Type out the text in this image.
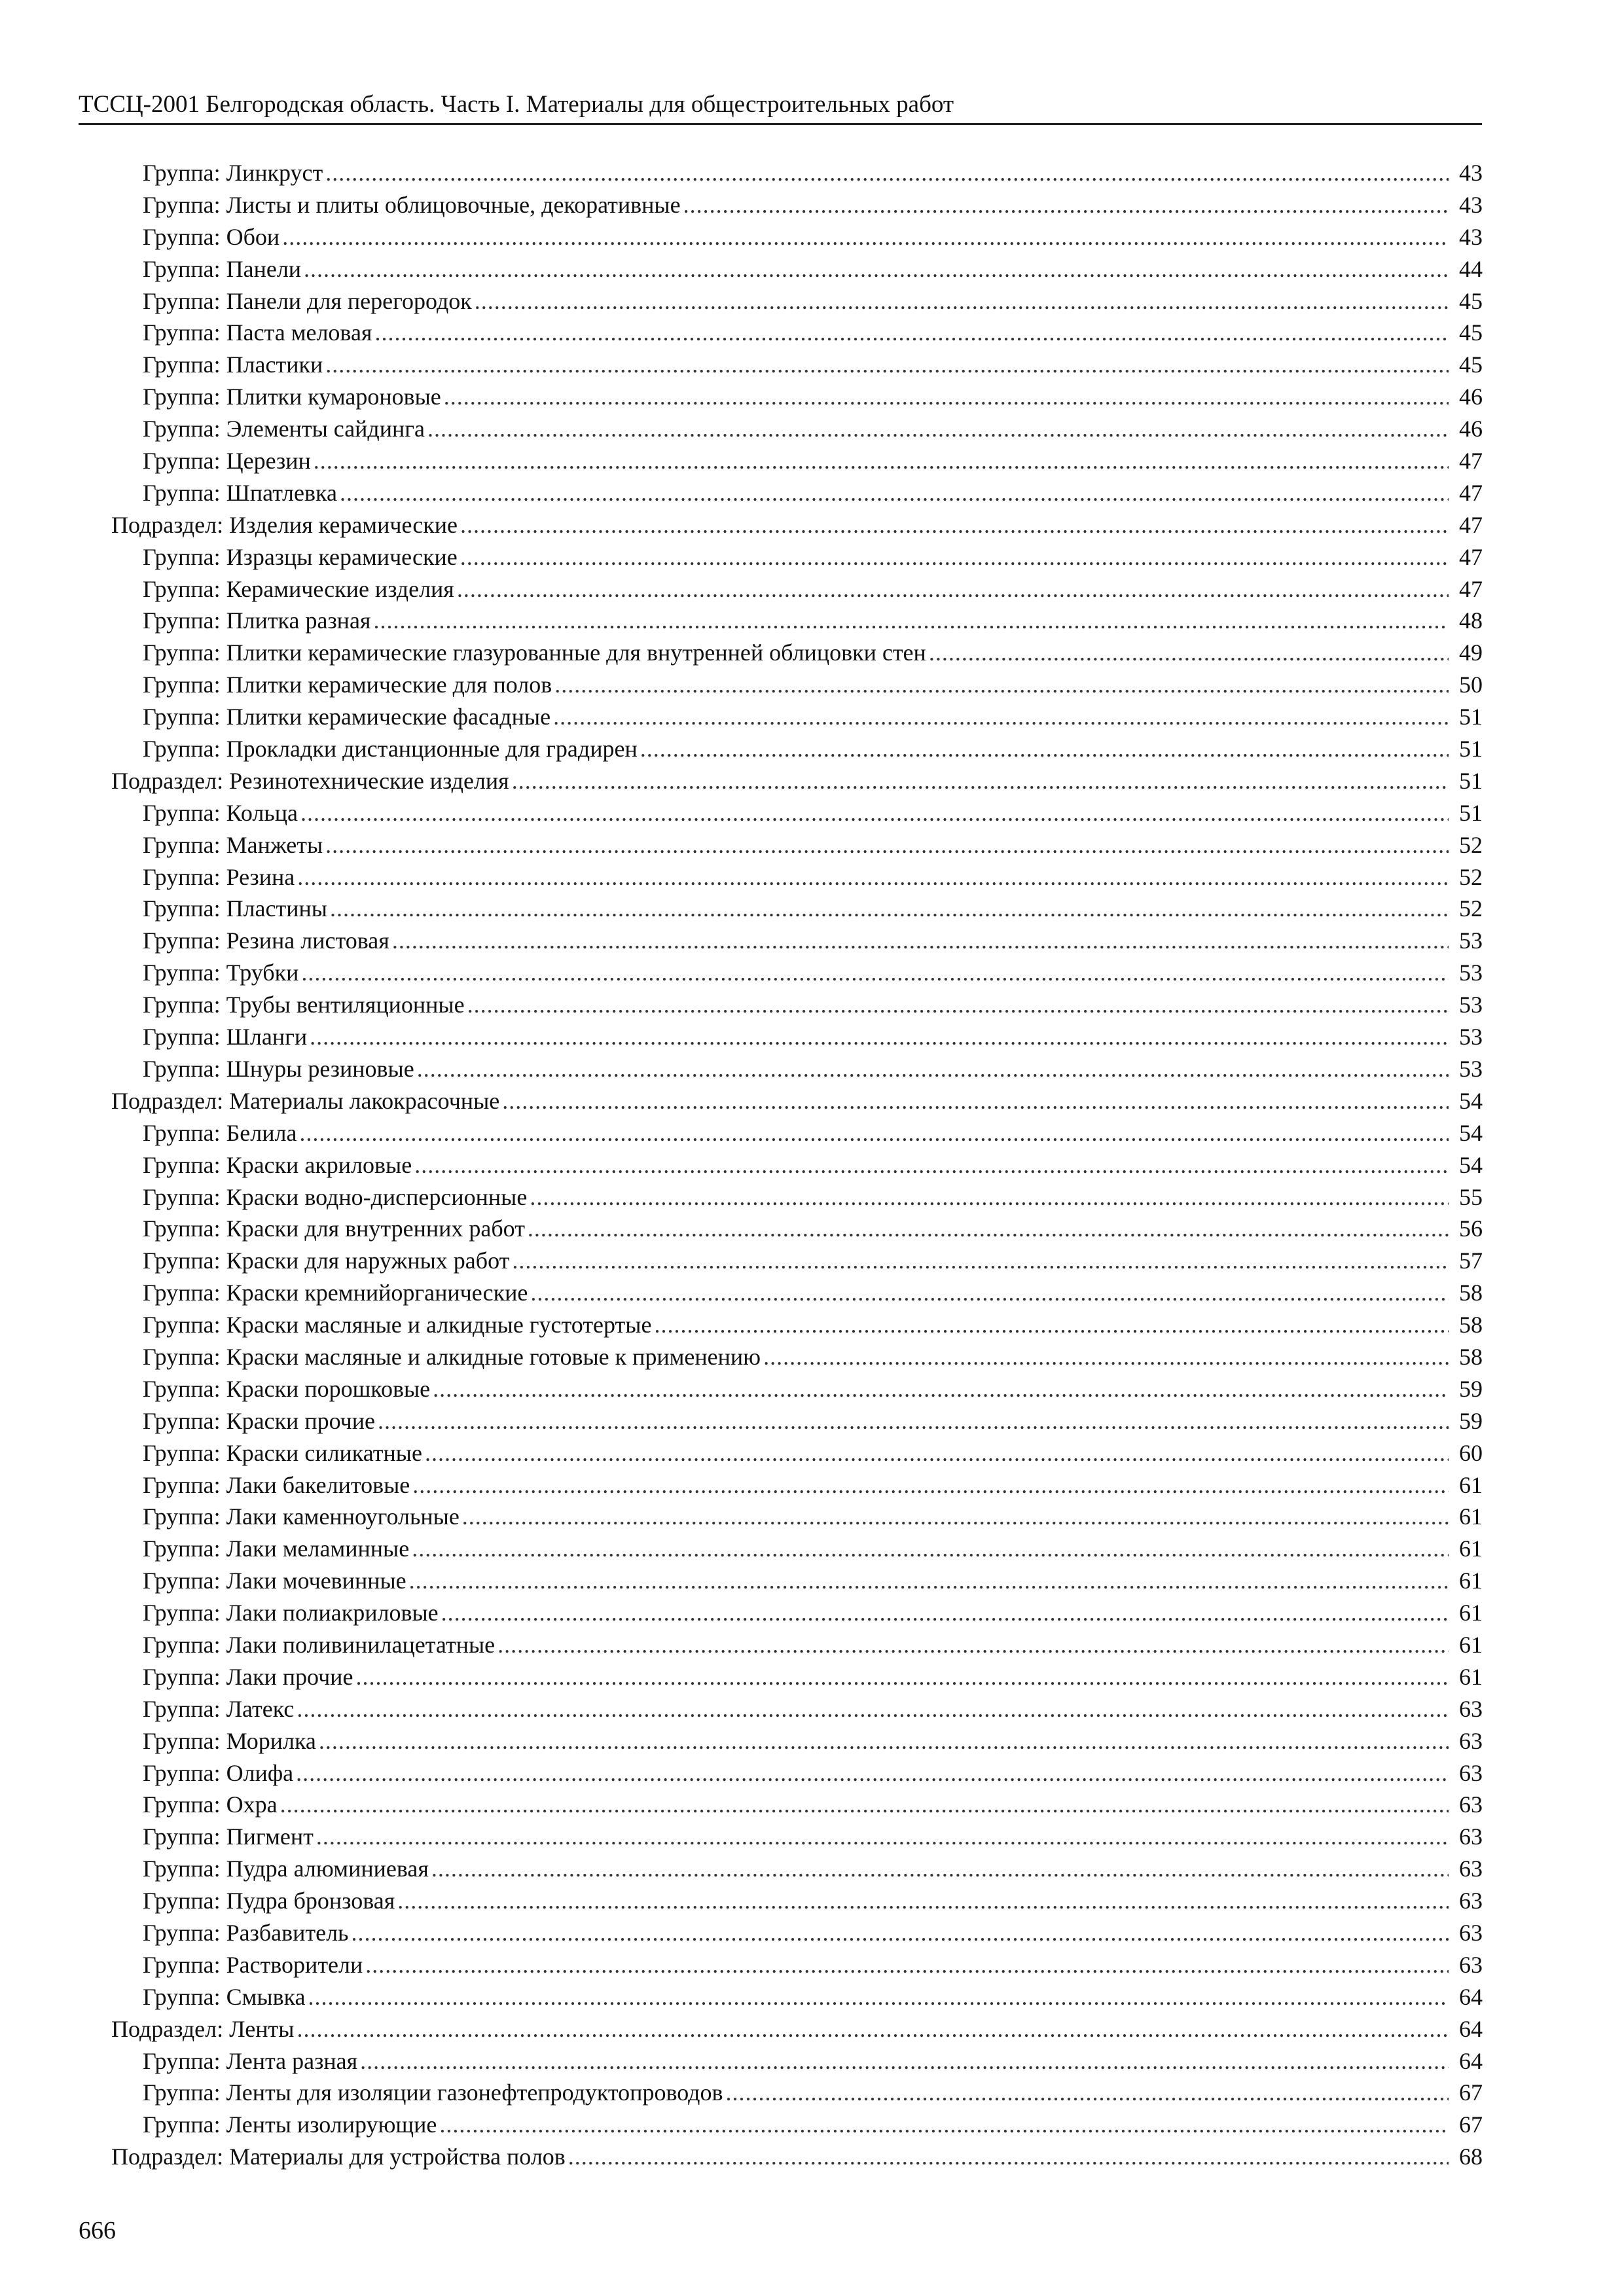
ТССЦ-2001 Белгородская область. Часть I. Материалы для общестроительных работ
Группа: Линкруст .....	43
Группа: Листы и плиты облицовочные, декоративные .....	43
Группа: Обои .....	43
Группа: Панели .....	44
Группа: Панели для перегородок .....	45
Группа: Паста меловая .....	45
Группа: Пластики .....	45
Группа: Плитки кумароновые .....	46
Группа: Элементы сайдинга .....	46
Группа: Церезин .....	47
Группа: Шпатлевка .....	47
Подраздел: Изделия керамические .....	47
Группа: Изразцы керамические .....	47
Группа: Керамические изделия .....	47
Группа: Плитка разная .....	48
Группа: Плитки керамические глазурованные для внутренней облицовки стен .....	49
Группа: Плитки керамические для полов .....	50
Группа: Плитки керамические фасадные .....	51
Группа: Прокладки дистанционные для градирен .....	51
Подраздел: Резинотехнические изделия .....	51
Группа: Кольца .....	51
Группа: Манжеты .....	52
Группа: Резина .....	52
Группа: Пластины .....	52
Группа: Резина листовая .....	53
Группа: Трубки .....	53
Группа: Трубы вентиляционные .....	53
Группа: Шланги .....	53
Группа: Шнуры резиновые .....	53
Подраздел: Материалы лакокрасочные .....	54
Группа: Белила .....	54
Группа: Краски акриловые .....	54
Группа: Краски водно-дисперсионные .....	55
Группа: Краски для внутренних работ .....	56
Группа: Краски для наружных работ .....	57
Группа: Краски кремнийорганические .....	58
Группа: Краски масляные и алкидные густотертые .....	58
Группа: Краски масляные и алкидные готовые к применению .....	58
Группа: Краски порошковые .....	59
Группа: Краски прочие .....	59
Группа: Краски силикатные .....	60
Группа: Лаки бакелитовые .....	61
Группа: Лаки каменноугольные .....	61
Группа: Лаки меламинные .....	61
Группа: Лаки мочевинные .....	61
Группа: Лаки полиакриловые .....	61
Группа: Лаки поливинилацетатные .....	61
Группа: Лаки прочие .....	61
Группа: Латекс .....	63
Группа: Морилка .....	63
Группа: Олифа .....	63
Группа: Охра .....	63
Группа: Пигмент .....	63
Группа: Пудра алюминиевая .....	63
Группа: Пудра бронзовая .....	63
Группа: Разбавитель .....	63
Группа: Растворители .....	63
Группа: Смывка .....	64
Подраздел: Ленты .....	64
Группа: Лента разная .....	64
Группа: Ленты для изоляции газонефтепродуктопроводов .....	67
Группа: Ленты изолирующие .....	67
Подраздел: Материалы для устройства полов .....	68
666
